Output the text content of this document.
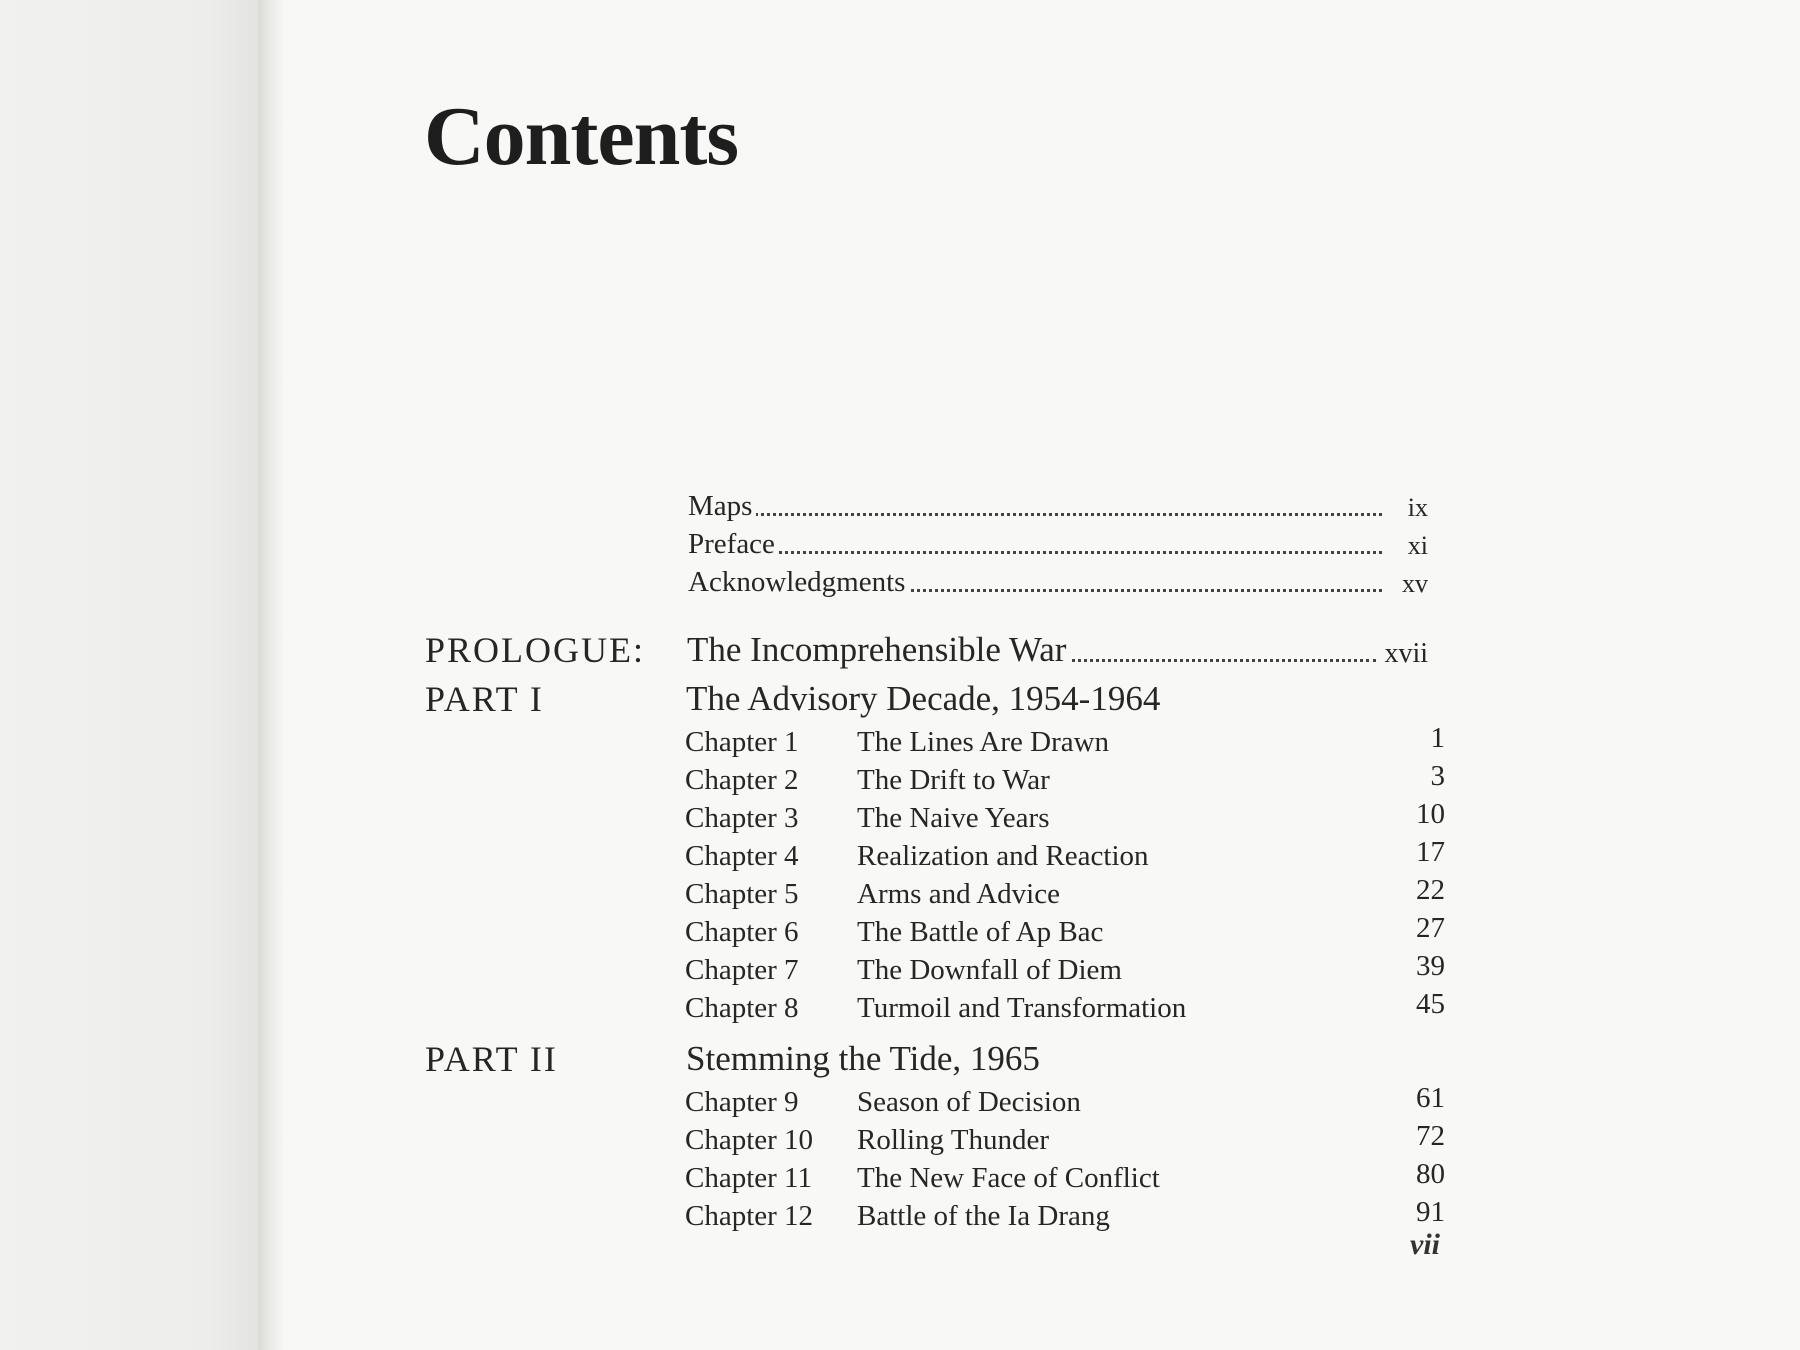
Contents
Maps	ix
Preface	xi
Acknowledgments	xv
PROLOGUE: The Incomprehensible War	xvii
PART I	The Advisory Decade, 1954-1964
Chapter 1 The Lines Are Drawn	1
Chapter 2 The Drift to War	3
Chapter 3 The Naive Years	10
Chapter 4 Realization and Reaction	17
Chapter 5 Arms and Advice	22
Chapter 6 The Battle of Ap Bac	27
Chapter 7 The Downfall of Diem	39
Chapter 8 Turmoil and Transformation	45
PART II	Stemming the Tide, 1965
Chapter 9 Season of Decision	61
Chapter 10 Rolling Thunder	72
Chapter 11 The New Face of Conflict	80
Chapter 12 Battle of the Ia Drang	91
vii
